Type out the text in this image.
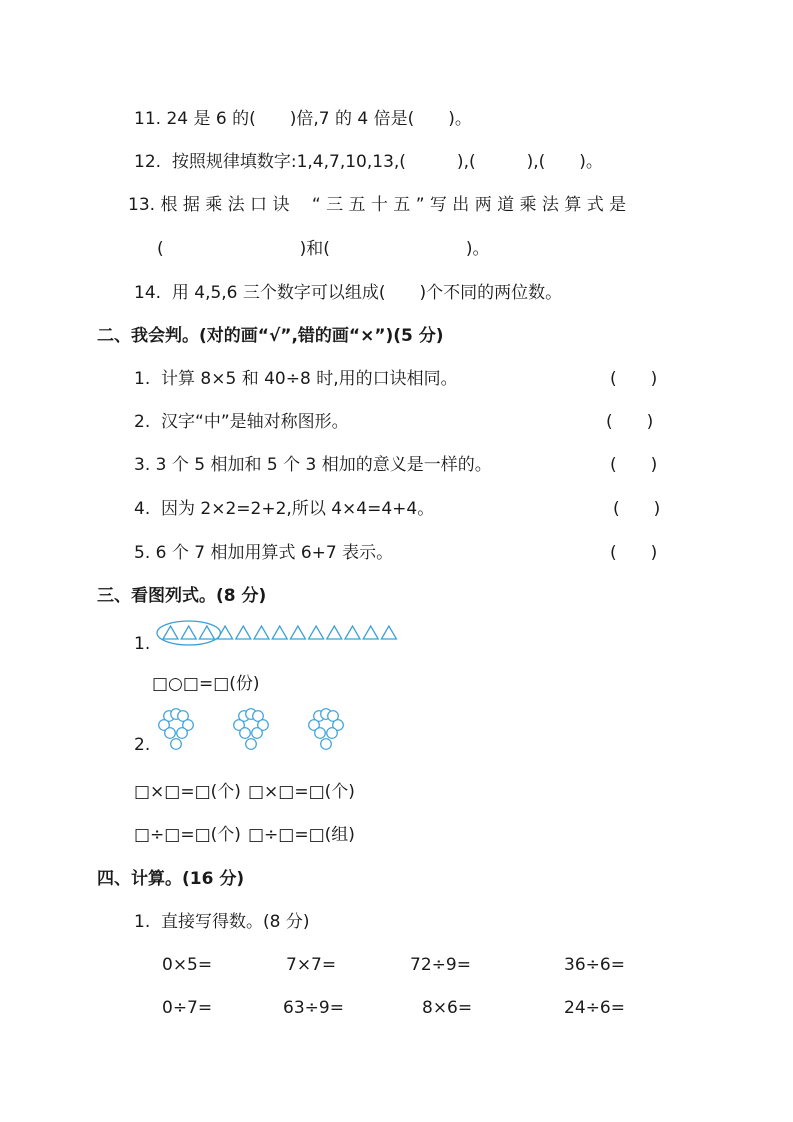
11. 24 是 6 的(　　)倍,7 的 4 倍是(　　)。
12.  按照规律填数字:1,4,7,10,13,(　　　),(　　　),(　　)。
13. 根 据 乘 法 口 诀 　“ 三 五 十 五 ” 写 出 两 道 乘 法 算 式 是
(　　　　　　　　)和(　　　　　　　　)。
14.  用 4,5,6 三个数字可以组成(　　)个不同的两位数。
二、我会判。(对的画“√”,错的画“×”)(5 分)
1.  计算 8×5 和 40÷8 时,用的口诀相同。	(　　)
2.  汉字“中”是轴对称图形。	(　　)
3. 3 个 5 相加和 5 个 3 相加的意义是一样的。	(　　)
4.  因为 2×2=2+2,所以 4×4=4+4。	(　　)
5. 6 个 7 相加用算式 6+7 表示。	(　　)
三、看图列式。(8 分)
1.
□○□=□(份)
2.
□×□=□(个) □×□=□(个)
□÷□=□(个) □÷□=□(组)
四、计算。(16 分)
1.  直接写得数。(8 分)
0×5=	7×7=	72÷9=	36÷6=
0÷7=	63÷9=	8×6=	24÷6=
